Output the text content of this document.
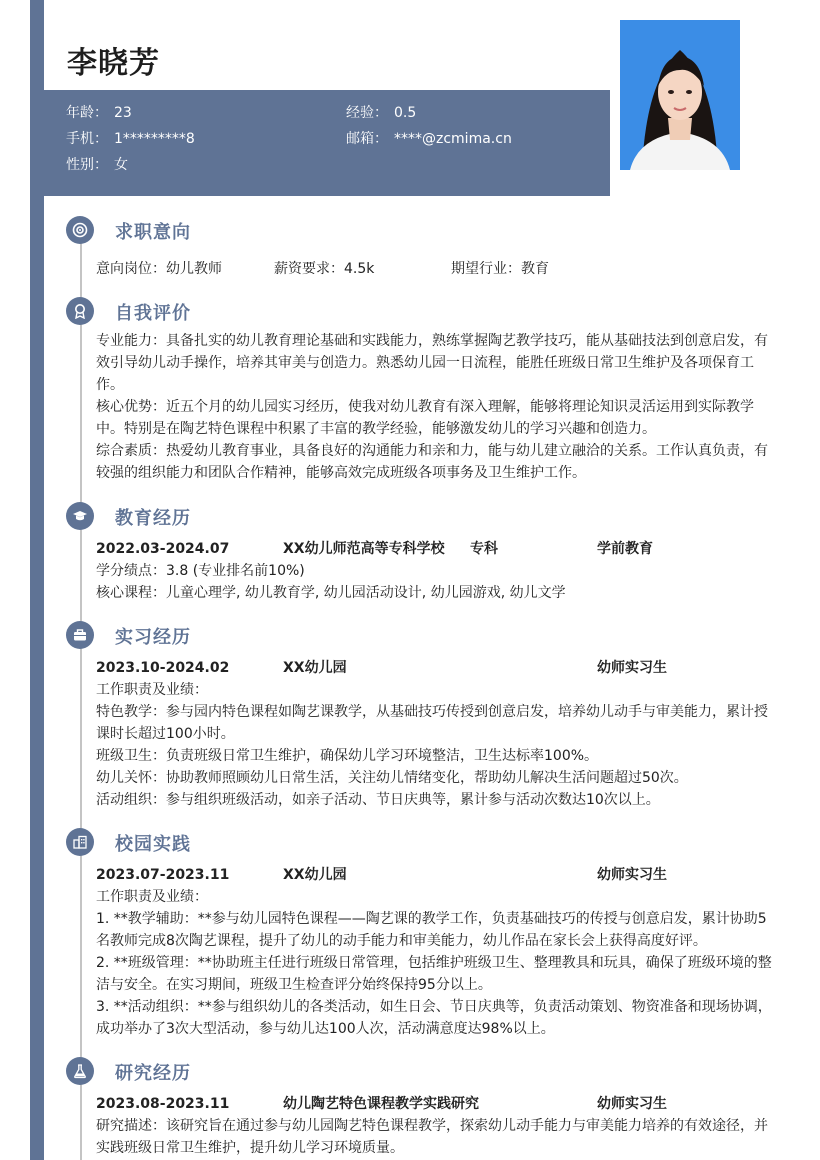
李晓芳
年龄： 23	经验： 0.5
手机： 1*********8	邮箱： ****@zcmima.cn
性别： 女
求职意向
意向岗位：幼儿教师	薪资要求：4.5k	期望行业：教育
自我评价

专业能力：具备扎实的幼儿教育理论基础和实践能力，熟练掌握陶艺教学技巧，能从基础技法到创意启发，有效引导幼儿动手操作，培养其审美与创造力。熟悉幼儿园一日流程，能胜任班级日常卫生维护及各项保育工作。

核心优势：近五个月的幼儿园实习经历，使我对幼儿教育有深入理解，能够将理论知识灵活运用到实际教学中。特别是在陶艺特色课程中积累了丰富的教学经验，能够激发幼儿的学习兴趣和创造力。

综合素质：热爱幼儿教育事业，具备良好的沟通能力和亲和力，能与幼儿建立融洽的关系。工作认真负责，有较强的组织能力和团队合作精神，能够高效完成班级各项事务及卫生维护工作。

教育经历
2022.03-2024.07	XX幼儿师范高等专科学校 专科	学前教育

学分绩点：3.8 (专业排名前10%)

核心课程：儿童心理学, 幼儿教育学, 幼儿园活动设计, 幼儿园游戏, 幼儿文学

实习经历
2023.10-2024.02	XX幼儿园	幼师实习生

工作职责及业绩：

特色教学：参与园内特色课程如陶艺课教学，从基础技巧传授到创意启发，培养幼儿动手与审美能力，累计授课时长超过100小时。

班级卫生：负责班级日常卫生维护，确保幼儿学习环境整洁，卫生达标率100%。

幼儿关怀：协助教师照顾幼儿日常生活，关注幼儿情绪变化，帮助幼儿解决生活问题超过50次。

活动组织：参与组织班级活动，如亲子活动、节日庆典等，累计参与活动次数达10次以上。

校园实践
2023.07-2023.11	XX幼儿园	幼师实习生

工作职责及业绩：

1. **教学辅助：**参与幼儿园特色课程——陶艺课的教学工作，负责基础技巧的传授与创意启发，累计协助5名教师完成8次陶艺课程，提升了幼儿的动手能力和审美能力，幼儿作品在家长会上获得高度好评。

2. **班级管理：**协助班主任进行班级日常管理，包括维护班级卫生、整理教具和玩具，确保了班级环境的整洁与安全。在实习期间，班级卫生检查评分始终保持95分以上。

3. **活动组织：**参与组织幼儿的各类活动，如生日会、节日庆典等，负责活动策划、物资准备和现场协调，成功举办了3次大型活动，参与幼儿达100人次，活动满意度达98%以上。

研究经历
2023.08-2023.11	幼儿陶艺特色课程教学实践研究	幼师实习生

研究描述：该研究旨在通过参与幼儿园陶艺特色课程教学，探索幼儿动手能力与审美能力培养的有效途径，并实践班级日常卫生维护，提升幼儿学习环境质量。
